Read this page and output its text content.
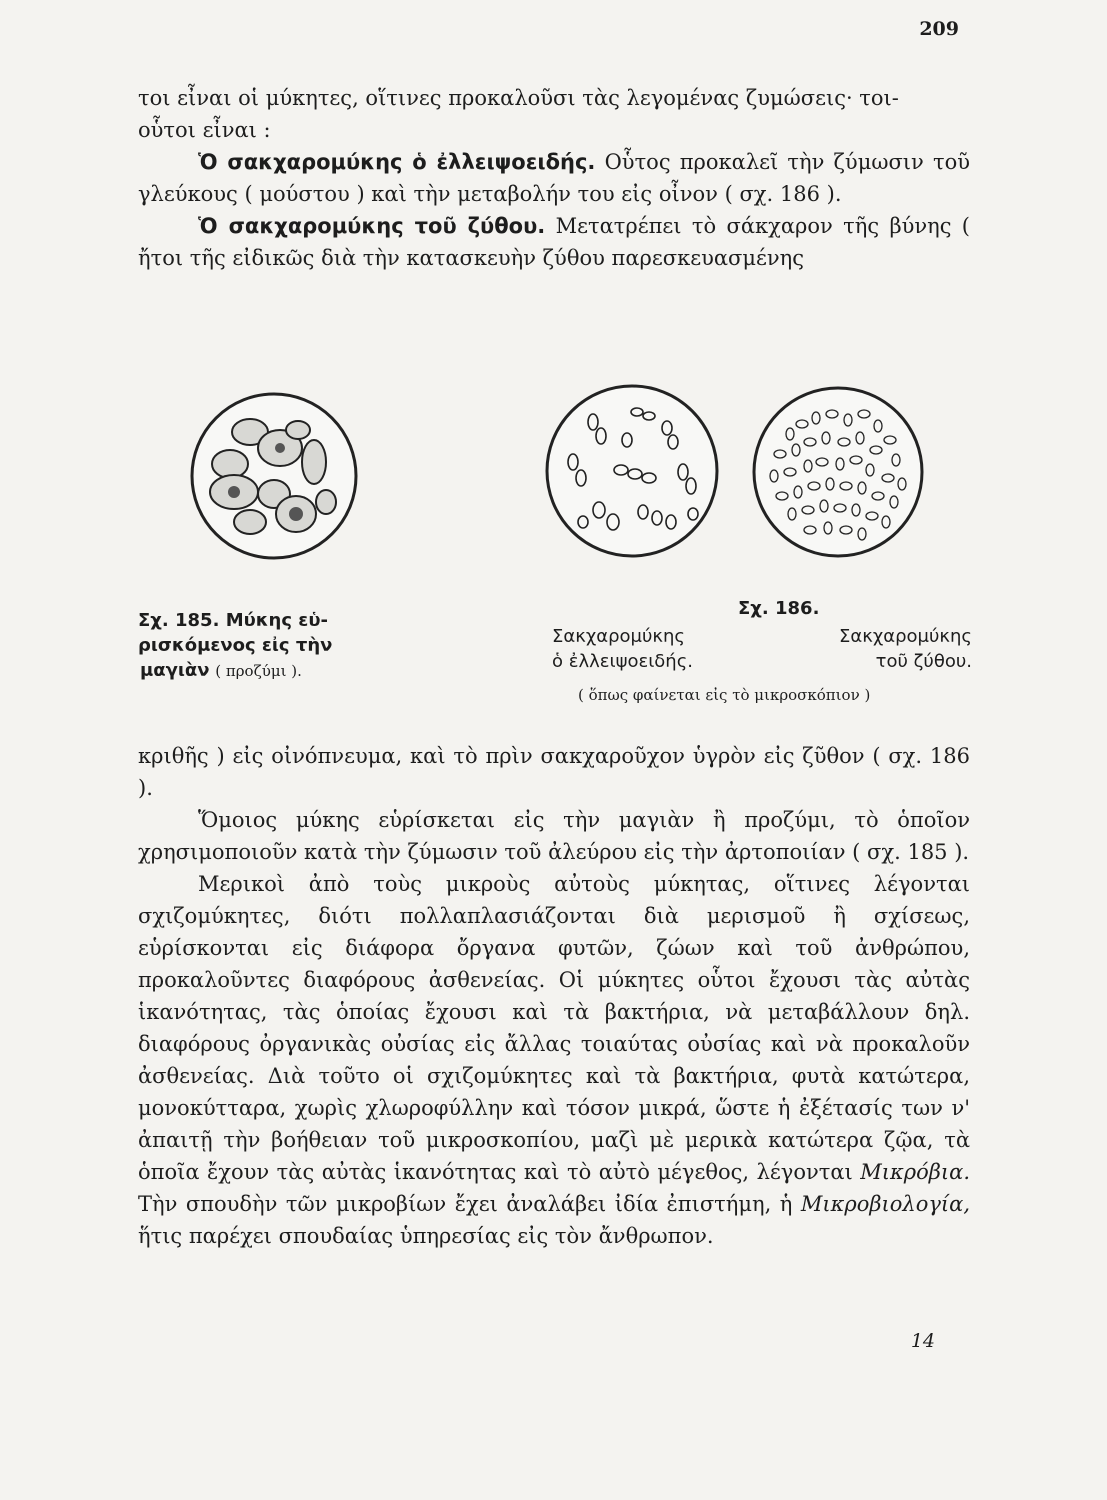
209

τοι εἶναι οἱ μύκητες, οἵτινες προκαλοῦσι τὰς λεγομένας ζυμώσεις· τοι-

οὗτοι εἶναι :

Ὁ σακχαρομύκης ὁ ἐλλειψοειδής. Οὗτος προκαλεῖ τὴν ζύμωσιν τοῦ γλεύκους ( μούστου ) καὶ τὴν μεταβολήν του εἰς οἶνον ( σχ. 186 ).

Ὁ σακχαρομύκης τοῦ ζύθου. Μετατρέπει τὸ σάκχαρον τῆς βύνης ( ἤτοι τῆς εἰδικῶς διὰ τὴν κατασκευὴν ζύθου παρεσκευασμένης

Σχ. 185. Μύκης εὑ-
ρισκόμενος εἰς τὴν
μαγιὰν ( προζύμι ).
Σχ. 186.
Σακχαρομύκης
ὁ ἐλλειψοειδής.
Σακχαρομύκης
τοῦ ζύθου.
( ὅπως φαίνεται εἰς τὸ μικροσκόπιον )

κριθῆς ) εἰς οἰνόπνευμα, καὶ τὸ πρὶν σακχαροῦχον ὑγρὸν εἰς ζῦθον ( σχ. 186 ).

Ὅμοιος μύκης εὑρίσκεται εἰς τὴν μαγιὰν ἢ προζύμι, τὸ ὁποῖον χρησιμοποιοῦν κατὰ τὴν ζύμωσιν τοῦ ἀλεύρου εἰς τὴν ἀρτοποιίαν ( σχ. 185 ).

Μερικοὶ ἀπὸ τοὺς μικροὺς αὐτοὺς μύκητας, οἵτινες λέγονται σχιζομύκητες, διότι πολλαπλασιάζονται διὰ μερισμοῦ ἢ σχίσεως, εὑρίσκονται εἰς διάφορα ὄργανα φυτῶν, ζώων καὶ τοῦ ἀνθρώπου, προκαλοῦντες διαφόρους ἀσθενείας. Οἱ μύκητες οὗτοι ἔχουσι τὰς αὐτὰς ἱκανότητας, τὰς ὁποίας ἔχουσι καὶ τὰ βακτήρια, νὰ μεταβάλλουν δηλ. διαφόρους ὀργανικὰς οὐσίας εἰς ἄλλας τοιαύτας οὐσίας καὶ νὰ προκαλοῦν ἀσθενείας. Διὰ τοῦτο οἱ σχιζομύκητες καὶ τὰ βακτήρια, φυτὰ κατώτερα, μονοκύτταρα, χωρὶς χλωροφύλλην καὶ τόσον μικρά, ὥστε ἡ ἐξέτασίς των ν' ἀπαιτῇ τὴν βοήθειαν τοῦ μικροσκοπίου, μαζὶ μὲ μερικὰ κατώτερα ζῷα, τὰ ὁποῖα ἔχουν τὰς αὐτὰς ἱκανότητας καὶ τὸ αὐτὸ μέγεθος, λέγονται Μικρόβια. Τὴν σπουδὴν τῶν μικροβίων ἔχει ἀναλάβει ἰδία ἐπιστήμη, ἡ Μικροβιολογία, ἥτις παρέχει σπουδαίας ὑπηρεσίας εἰς τὸν ἄνθρωπον.

14
